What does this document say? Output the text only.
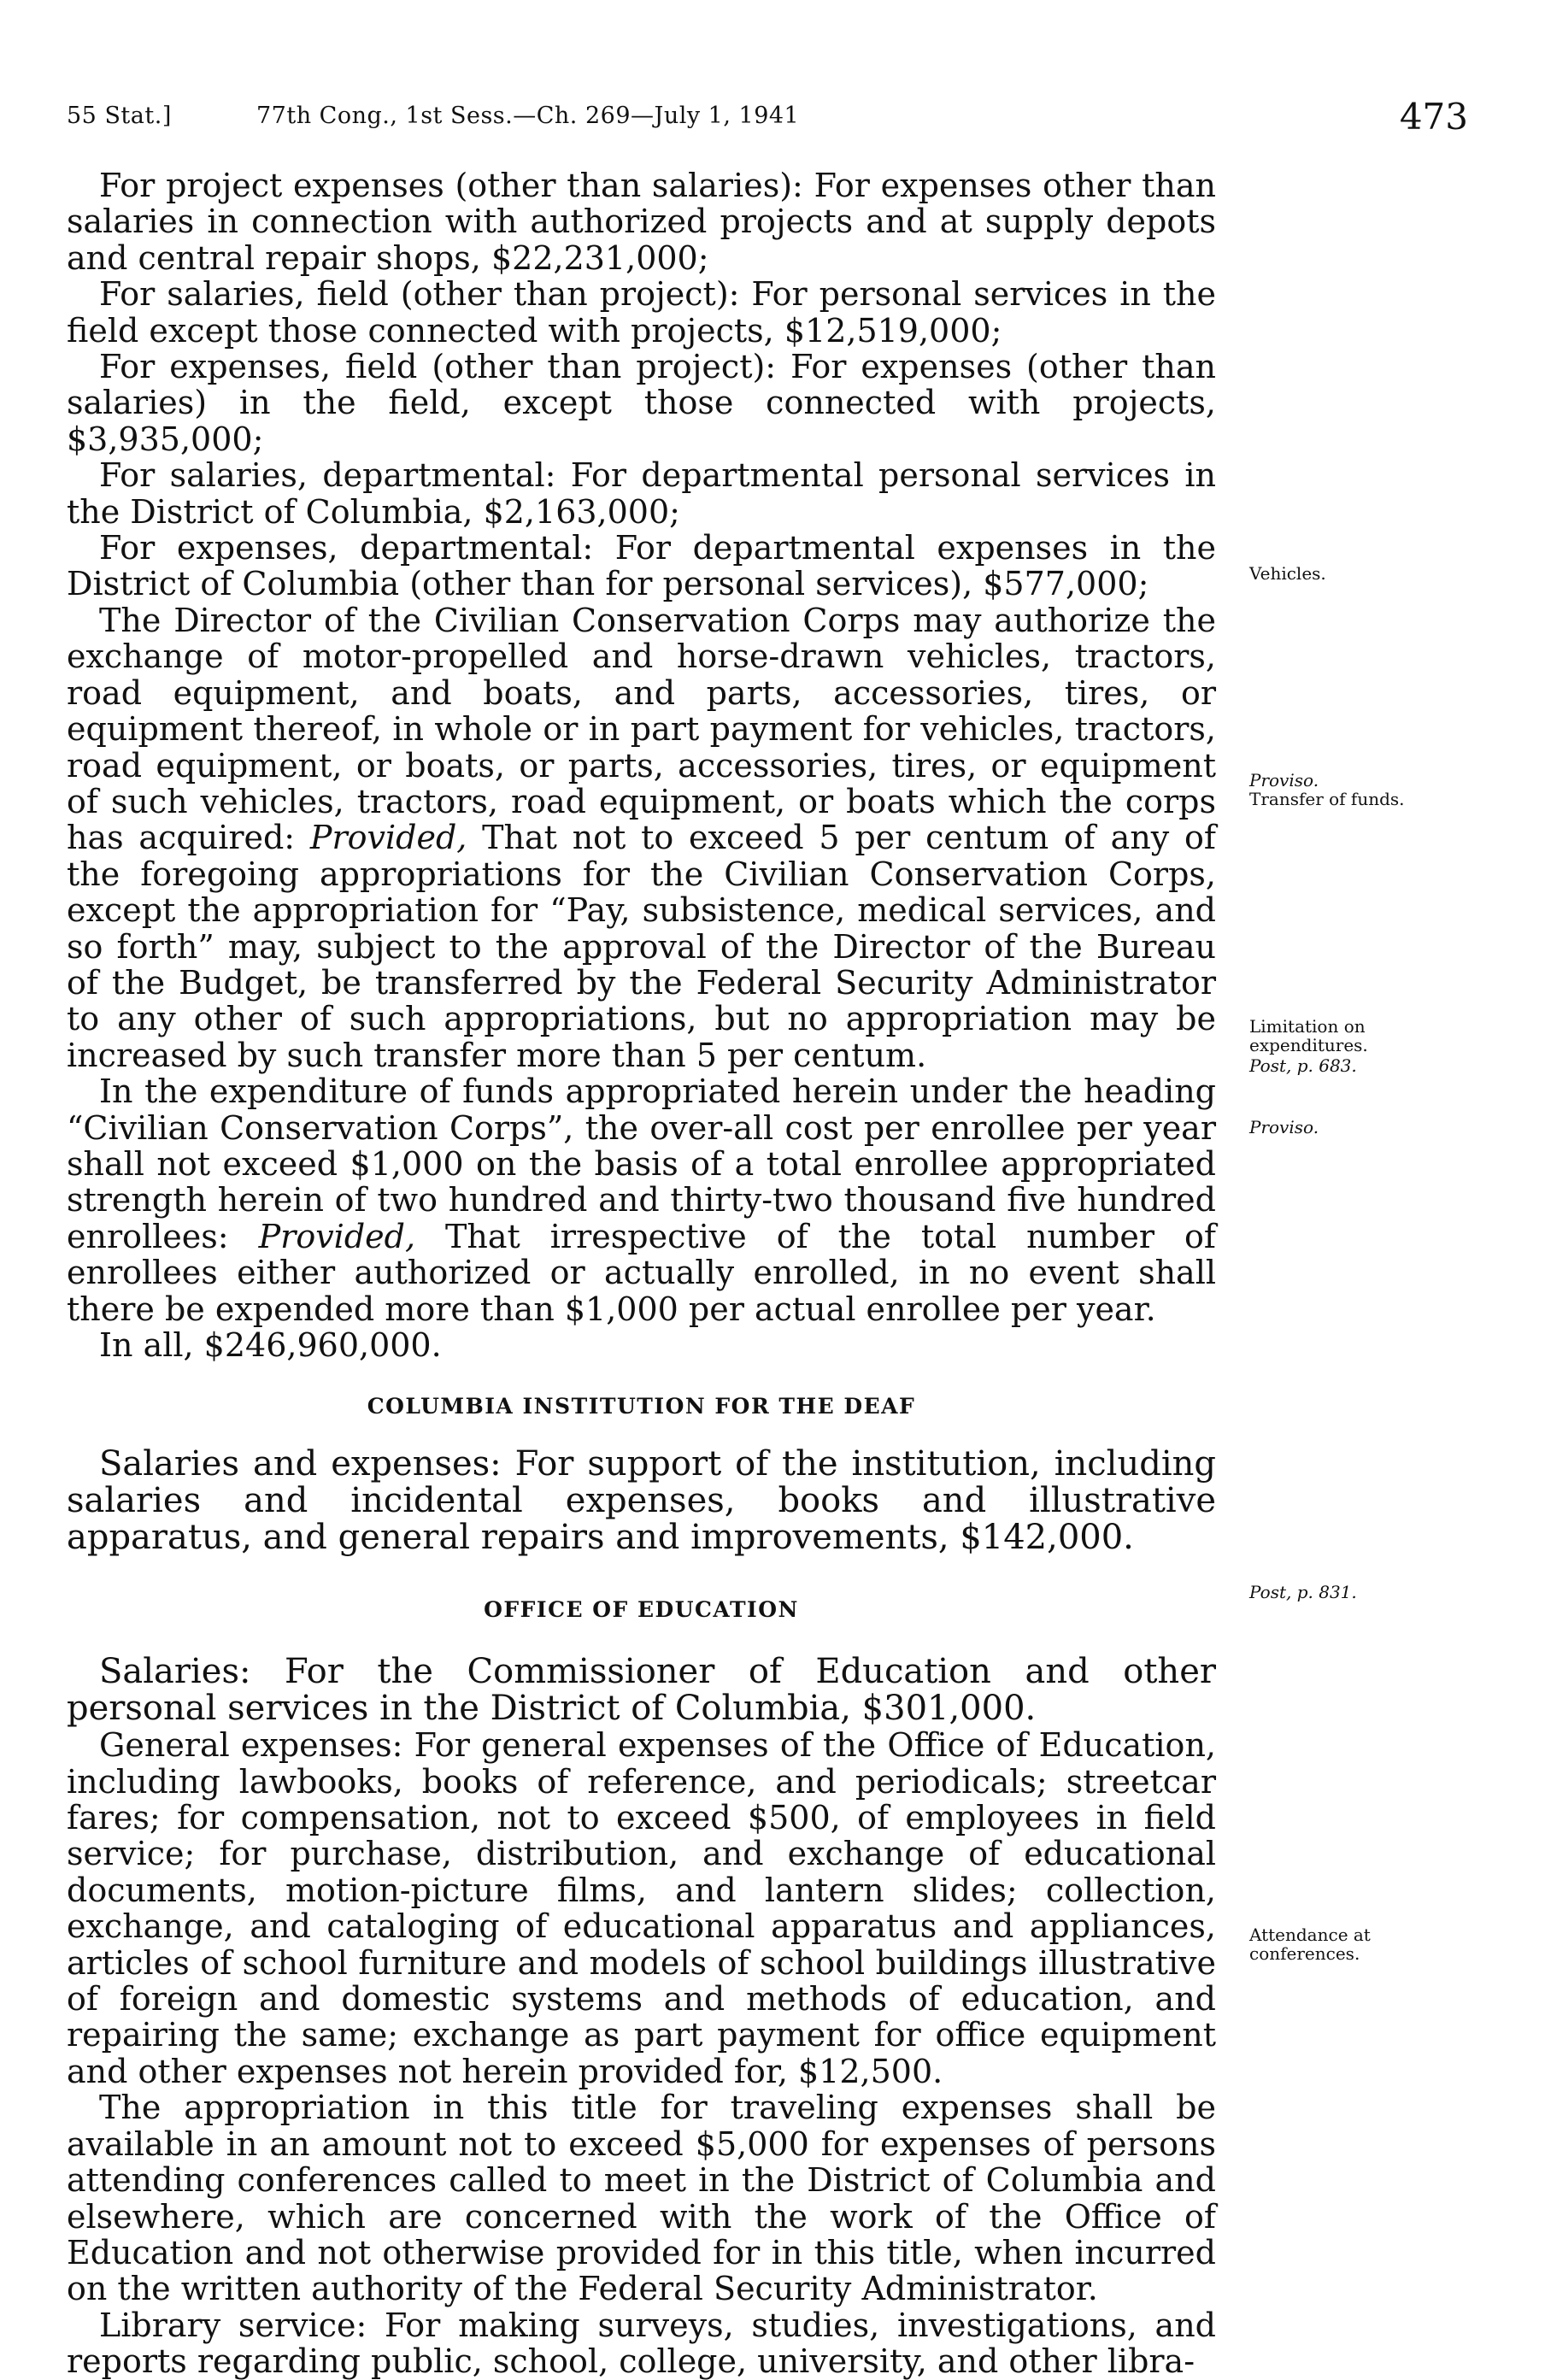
55 Stat.]	77th Cong., 1st Sess.—Ch. 269—July 1, 1941	473

For project expenses (other than salaries): For expenses other than salaries in connection with authorized projects and at supply depots and central repair shops, $22,231,000;

For salaries, field (other than project): For personal services in the field except those connected with projects, $12,519,000;

For expenses, field (other than project): For expenses (other than salaries) in the field, except those connected with projects, $3,935,000;

For salaries, departmental: For departmental personal services in the District of Columbia, $2,163,000;

For expenses, departmental: For departmental expenses in the District of Columbia (other than for personal services), $577,000;

The Director of the Civilian Conservation Corps may authorize the exchange of motor-propelled and horse-drawn vehicles, tractors, road equipment, and boats, and parts, accessories, tires, or equipment thereof, in whole or in part payment for vehicles, tractors, road equipment, or boats, or parts, accessories, tires, or equipment of such vehicles, tractors, road equipment, or boats which the corps has acquired: Provided, That not to exceed 5 per centum of any of the foregoing appropriations for the Civilian Conservation Corps, except the appropriation for “Pay, subsistence, medical services, and so forth” may, subject to the approval of the Director of the Bureau of the Budget, be transferred by the Federal Security Administrator to any other of such appropriations, but no appropriation may be increased by such transfer more than 5 per centum.

In the expenditure of funds appropriated herein under the heading “Civilian Conservation Corps”, the over-all cost per enrollee per year shall not exceed $1,000 on the basis of a total enrollee appropriated strength herein of two hundred and thirty-two thousand five hundred enrollees: Provided, That irrespective of the total number of enrollees either authorized or actually enrolled, in no event shall there be expended more than $1,000 per actual enrollee per year.

In all, $246,960,000.

COLUMBIA INSTITUTION FOR THE DEAF

Salaries and expenses: For support of the institution, including salaries and incidental expenses, books and illustrative apparatus, and general repairs and improvements, $142,000.

OFFICE OF EDUCATION

Salaries: For the Commissioner of Education and other personal services in the District of Columbia, $301,000.

General expenses: For general expenses of the Office of Education, including lawbooks, books of reference, and periodicals; streetcar fares; for compensation, not to exceed $500, of employees in field service; for purchase, distribution, and exchange of educational documents, motion-picture films, and lantern slides; collection, exchange, and cataloging of educational apparatus and appliances, articles of school furniture and models of school buildings illustrative of foreign and domestic systems and methods of education, and repairing the same; exchange as part payment for office equipment and other expenses not herein provided for, $12,500.

The appropriation in this title for traveling expenses shall be available in an amount not to exceed $5,000 for expenses of persons attending conferences called to meet in the District of Columbia and elsewhere, which are concerned with the work of the Office of Education and not otherwise provided for in this title, when incurred on the written authority of the Federal Security Administrator.

Library service: For making surveys, studies, investigations, and reports regarding public, school, college, university, and other libra-

Vehicles.
Proviso.
Transfer of funds.
Limitation on expenditures.
Post, p. 683.
Proviso.
Post, p. 831.
Attendance at conferences.
